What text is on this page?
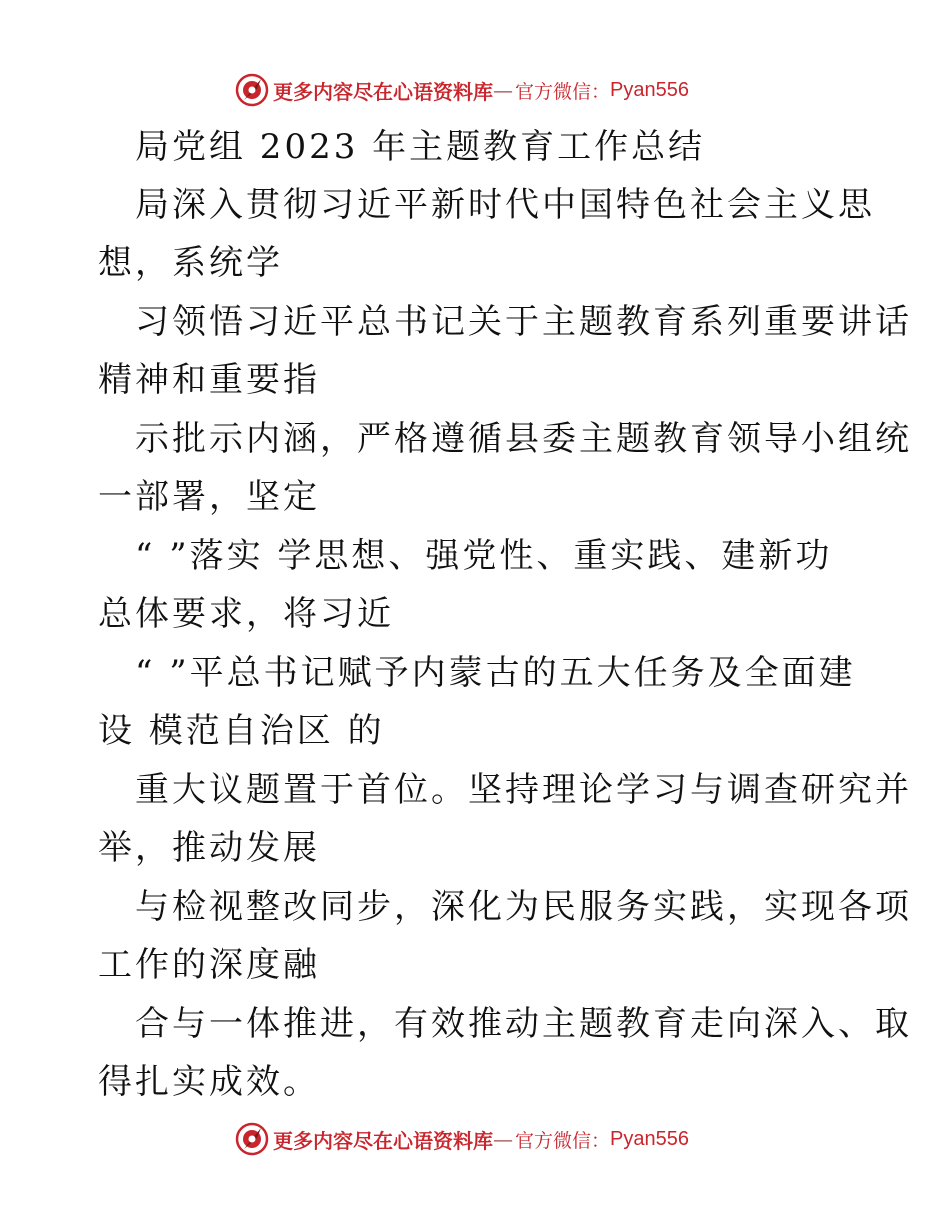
更多内容尽在心语资料库 — 官方微信： Pyan556
局党组 2023 年主题教育工作总结
局深入贯彻习近平新时代中国特色社会主义思
想，系统学
习领悟习近平总书记关于主题教育系列重要讲话
精神和重要指
示批示内涵，严格遵循县委主题教育领导小组统
一部署，坚定
“ ”落实 学思想、强党性、重实践、建新功
总体要求，将习近
“ ”平总书记赋予内蒙古的五大任务及全面建
设 模范自治区 的
重大议题置于首位。坚持理论学习与调查研究并
举，推动发展
与检视整改同步，深化为民服务实践，实现各项
工作的深度融
合与一体推进，有效推动主题教育走向深入、取
得扎实成效。
更多内容尽在心语资料库 — 官方微信： Pyan556
